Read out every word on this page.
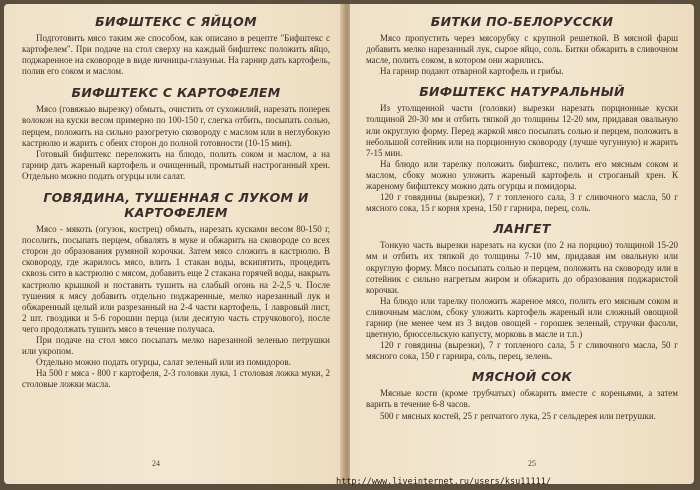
БИФШТЕКС С ЯЙЦОМ

Подготовить мясо таким же способом, как описано в рецепте "Бифштекс с картофелем". При подаче на стол сверху на каждый бифштекс положить яйцо, поджаренное на сковороде в виде яичницы-глазуньи. На гарнир дать картофель, полив его соком и маслом.

БИФШТЕКС С КАРТОФЕЛЕМ

Мясо (говяжью вырезку) обмыть, очистить от сухожилий, нарезать поперек волокон на куски весом примерно по 100-150 г, слегка отбить, посыпать солью, перцем, положить на сильно разогретую сковороду с маслом или в неглубокую кастрюлю и жарить с обеих сторон до полной готовности (10-15 мин).

Готовый бифштекс переложить на блюдо, полить соком и маслом, а на гарнир дать жареный картофель и очищенный, промытый настроганный хрен. Отдельно можно подать огурцы или салат.

ГОВЯДИНА, ТУШЕННАЯ С ЛУКОМ И КАРТОФЕЛЕМ

Мясо - мякоть (огузок, кострец) обмыть, нарезать кусками весом 80-150 г, посолить, посыпать перцем, обвалять в муке и обжарить на сковороде со всех сторон до образования румяной корочки. Затем мясо сложить в кастрюлю. В сковороду, где жарилось мясо, влить 1 стакан воды, вскипятить, процедить сквозь сито в кастрюлю с мясом, добавить еще 2 стакана горячей воды, накрыть кастрюлю крышкой и поставить тушить на слабый огонь на 2-2,5 ч. После тушения к мясу добавить отдельно поджаренные, мелко нарезанный лук и обжаренный целый или разрезанный на 2-4 части картофель, 1 лавровый лист, 2 шт. гвоздики и 5-6 горошин перца (или десятую часть стручкового), после чего продолжать тушить мясо в течение получаса.

При подаче на стол мясо посыпать мелко нарезанной зеленью петрушки или укропом.

Отдельно можно подать огурцы, салат зеленый или из помидоров.

На 500 г мяса - 800 г картофеля, 2-3 головки лука, 1 столовая ложка муки, 2 столовые ложки масла.

24
БИТКИ ПО-БЕЛОРУССКИ

Мясо пропустить через мясорубку с крупной решеткой. В мясной фарш добавить мелко нарезанный лук, сырое яйцо, соль. Битки обжарить в сливочном масле, полить соком, в котором они жарились.

На гарнир подают отварной картофель и грибы.

БИФШТЕКС НАТУРАЛЬНЫЙ

Из утолщенной части (головки) вырезки нарезать порционные куски толщиной 20-30 мм и отбить тяпкой до толщины 12-20 мм, придавая овальную или округлую форму. Перед жаркой мясо посыпать солью и перцем, положить в небольшой сотейник или на порционную сковороду (лучше чугунную) и жарить 7-15 мин.

На блюдо или тарелку положить бифштекс, полить его мясным соком и маслом, сбоку можно уложить жареный картофель и строганый хрен. К жареному бифштексу можно дать огурцы и помидоры.

120 г говядины (вырезки), 7 г топленого сала, 3 г сливочного масла, 50 г мясного сока, 15 г корня хрена, 150 г гарнира, перец, соль.

ЛАНГЕТ

Тонкую часть вырезки нарезать на куски (по 2 на порцию) толщиной 15-20 мм и отбить их тяпкой до толщины 7-10 мм, придавая им овальную или округлую форму. Мясо посыпать солью и перцем, положить на сковороду или в сотейник с сильно нагретым жиром и обжарить до образования поджаристой корочки.

На блюдо или тарелку положить жареное мясо, полить его мясным соком и сливочным маслом, сбоку уложить картофель жареный или сложный овощной гарнир (не менее чем из 3 видов овощей - горошек зеленый, стручки фасоли, цветную, брюссельскую капусту, морковь в масле и т.п.)

120 г говядины (вырезки), 7 г топленого сала, 5 г сливочного масла, 50 г мясного сока, 150 г гарнира, соль, перец, зелень.

МЯСНОЙ СОК

Мясные кости (кроме трубчатых) обжарить вместе с кореньями, а затем варить в течение 6-8 часов.

500 г мясных костей, 25 г репчатого лука, 25 г сельдерея или петрушки.

25
http://www.liveinternet.ru/users/ksu11111/
